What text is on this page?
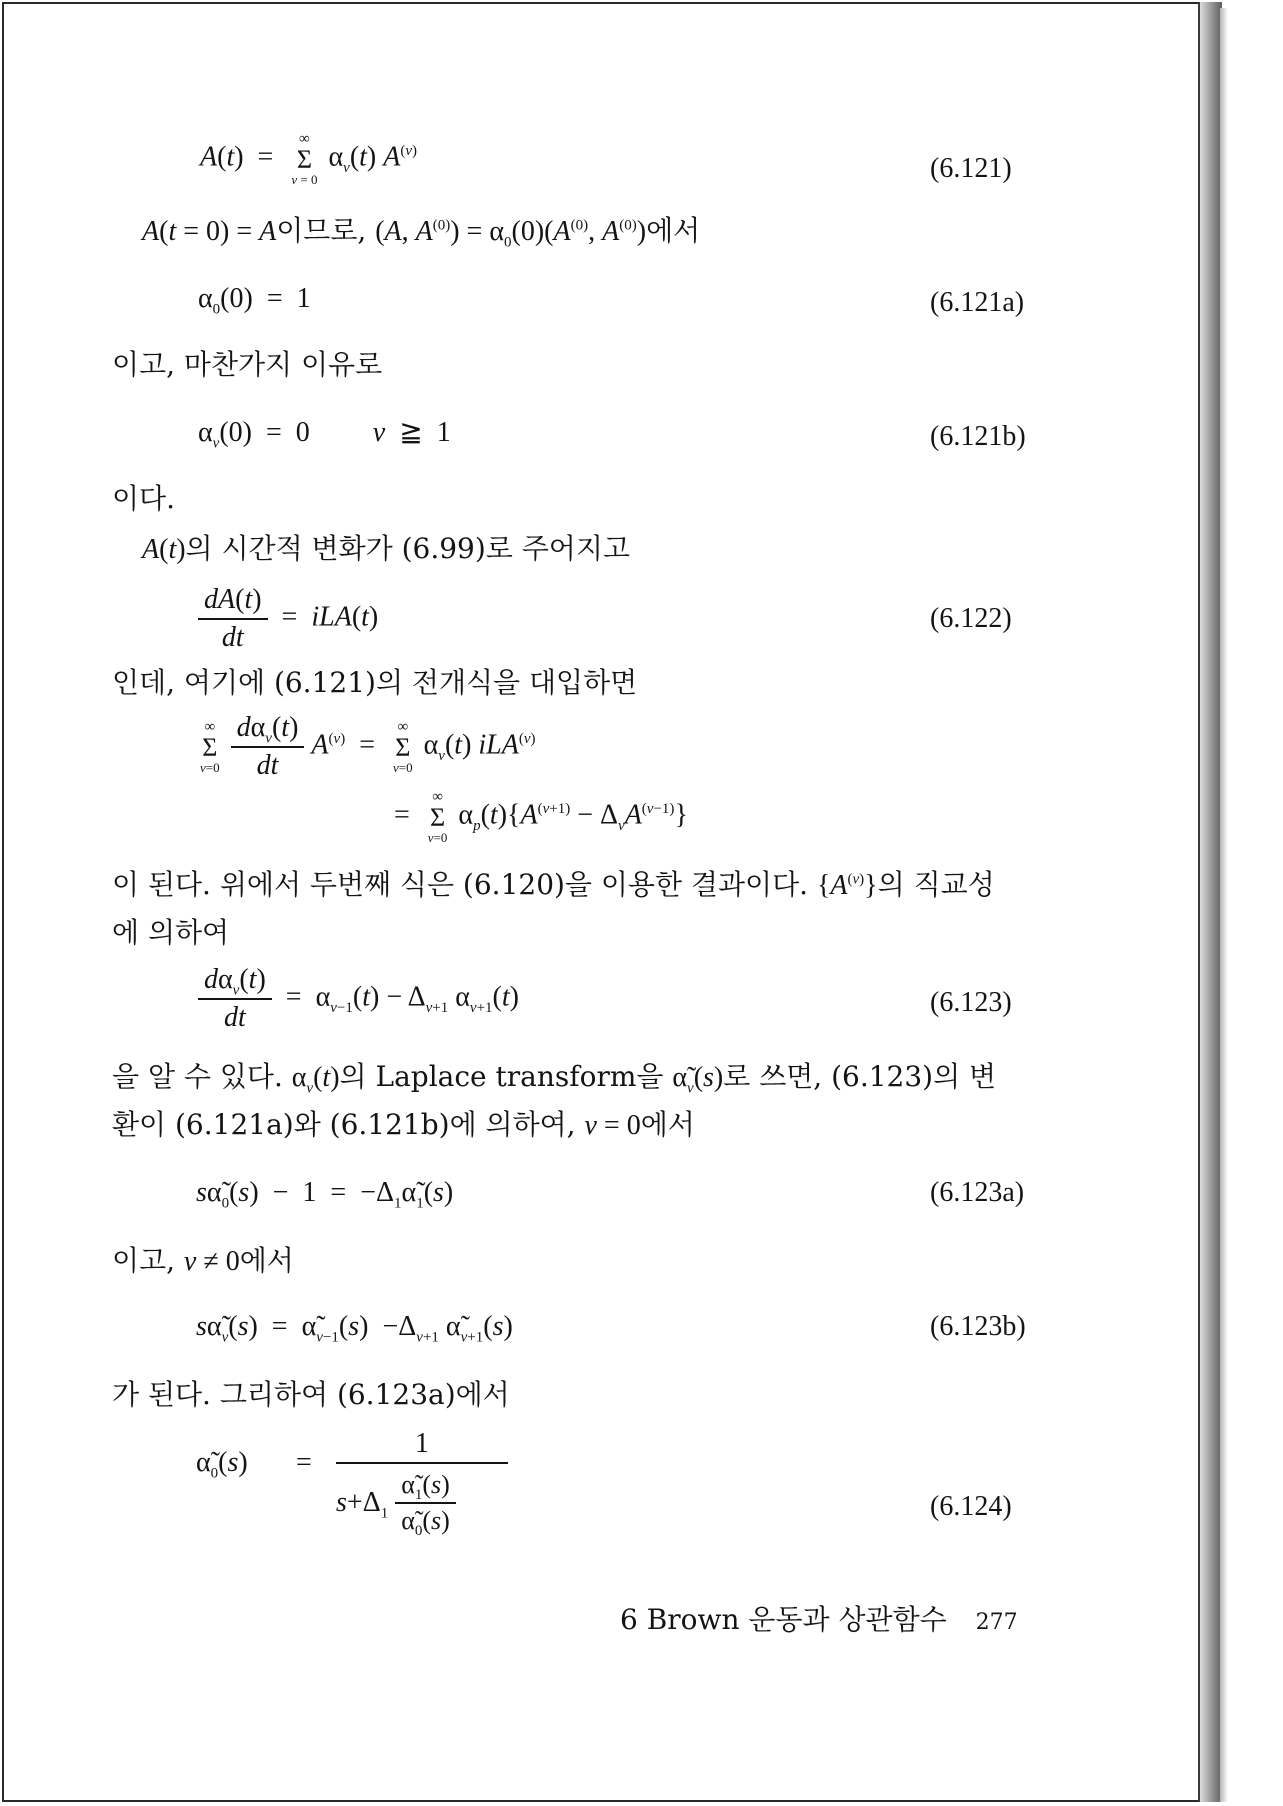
A(t)  =
∞
Σ
ν = 0
$\alpha_\nu(t)$ $A^{(\nu)}$
(6.121)
A(t = 0) = A이므로, (A, $A^{(0)}) = \alpha_0(0)(A^{(0)}$, $A^{(0)}$)에서
$\alpha_0(0) = 1$	(6.121a)
이고, 마찬가지 이유로
$\alpha_\nu(0) = 0$         ν  ≧  1	(6.121b)
이다.
A(t)의 시간적 변화가 (6.99)로 주어지고
$\frac{dA(t)}{dt} = iLA(t)$	(6.122)
인데, 여기에 (6.121)의 전개식을 대입하면
∞
Σ
ν=0
$\frac{d\alpha_\nu(t)}{dt} A^{(\nu)}$  =
∞
Σ
ν=0
$\alpha_\nu(t)$ iLA$^{(\nu)}$
=
∞
Σ
ν=0
$\alpha_p(t)\{A^{(\nu+1)} - \Delta_\nu A^{(\nu-1)}\}$
이 된다. 위에서 두번째 식은 (6.120)을 이용한 결과이다. $\{A^{(\nu)}\}$의 직교성
에 의하여
$\frac{d\alpha_\nu(t)}{dt} = \alpha_{\nu-1}(t) - \Delta_{\nu+1}$ $\alpha_{\nu+1}(t)$	(6.123)
을 알 수 있다. $\alpha_\nu(t)$의 Laplace transform을 $\alphã_\nu(s)$로 쓰면, (6.123)의 변
환이 (6.121a)와 (6.121b)에 의하여, ν = 0에서
$s\alphã_0(s) - 1$  =  $-\Delta_1\alphã_1(s)$	(6.123a)
이고, ν ≠ 0에서
$s\alphã_\nu(s)$  =  $\alphã_{\nu-1}(s) -\Delta_{\nu+1}$ $\alphã_{\nu+1}(s)$	(6.123b)
가 된다. 그리하여 (6.123a)에서
$\alphã_0(s)$ =
1
$s+\Delta_1 \frac{\alphã_1(s)}{\alphã_0(s)}$	(6.124)
6 Brown 운동과 상관함수 277
